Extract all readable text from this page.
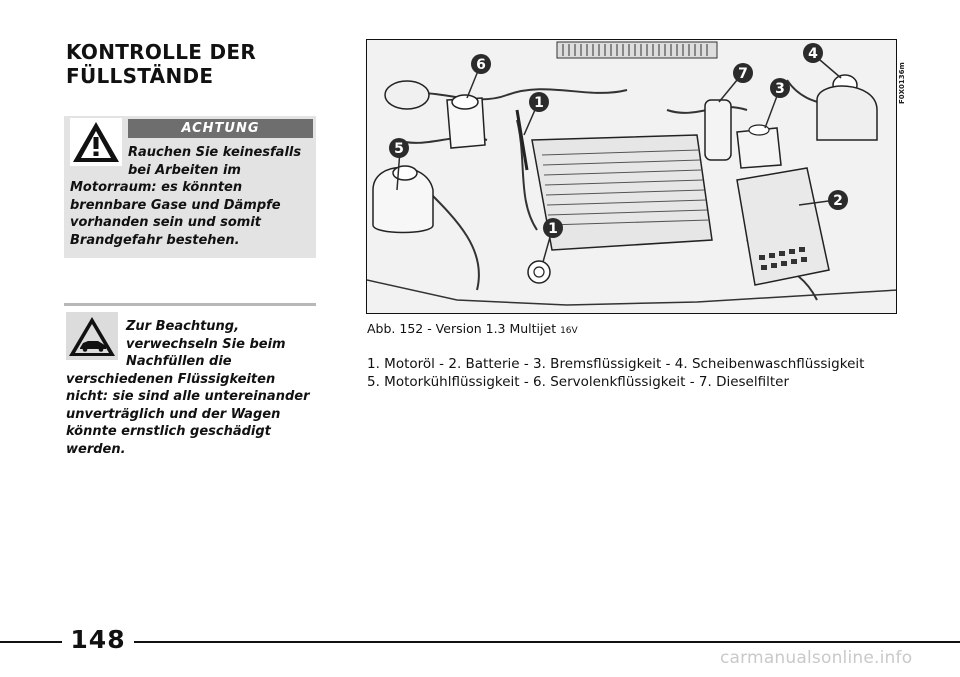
KONTROLLE DER
FÜLLSTÄNDE
ACHTUNG
Rauchen Sie keinesfalls bei Arbeiten im Motorraum: es könnten brennbare Gase und Dämpfe vorhanden sein und somit Brandgefahr bestehen.
Zur Beachtung, verwechseln Sie beim Nachfüllen die verschiedenen Flüssigkeiten nicht: sie sind alle untereinander unverträglich und der Wagen könnte ernstlich geschädigt werden.
6
1
7
4
3
5
2
1
F0X0136m
Abb. 152 - Version 1.3 Multijet 16V
1. Motoröl - 2. Batterie - 3. Bremsflüssigkeit - 4. Scheibenwaschflüssigkeit
5. Motorkühlflüssigkeit - 6. Servolenkflüssigkeit - 7. Dieselfilter
148
carmanualsonline.info
